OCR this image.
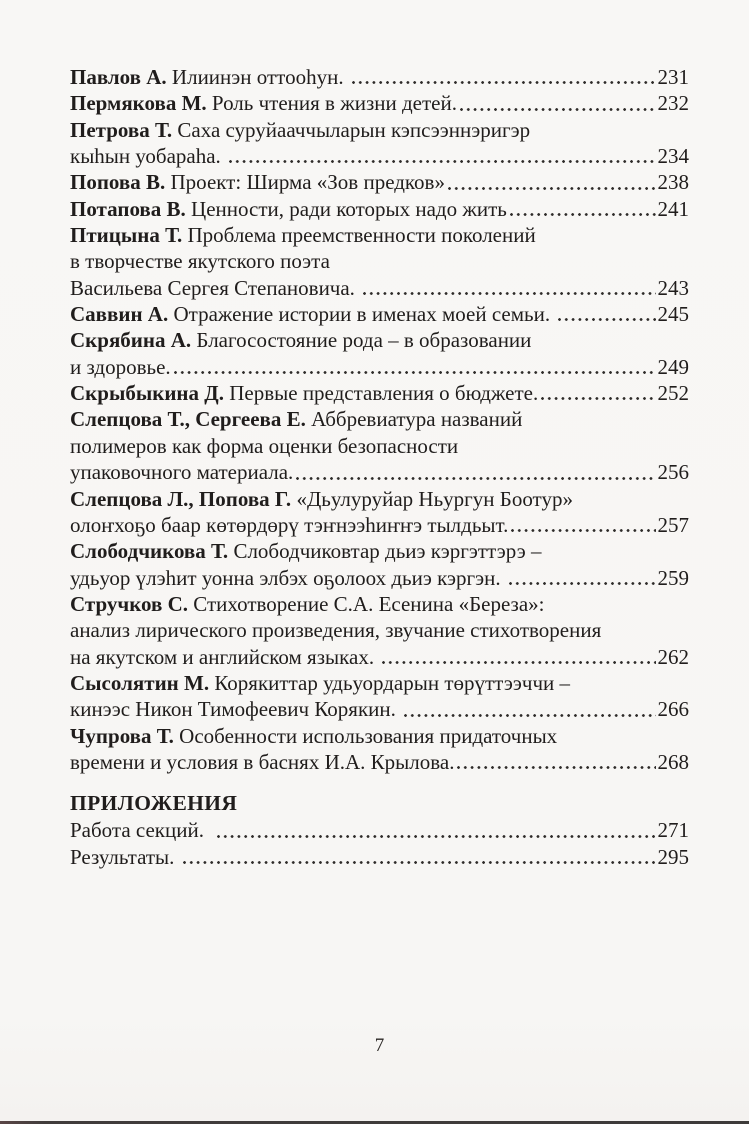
Павлов А. Илиинэн оттооһун.	231
Пермякова М. Роль чтения в жизни детей.	232
Петрова Т. Саха суруйааччыларын кэпсээннэригэр
кыһын уобараһа.	234
Попова В. Проект: Ширма «Зов предков»	238
Потапова В. Ценности, ради которых надо жить	241
Птицына Т. Проблема преемственности поколений
в творчестве якутского поэта
Васильева Сергея Степановича.	243
Саввин А. Отражение истории в именах моей семьи.	245
Скрябина А. Благосостояние рода – в образовании
и здоровье.	249
Скрыбыкина Д. Первые представления о бюджете.	252
Слепцова Т., Сергеева Е. Аббревиатура названий
полимеров как форма оценки безопасности
упаковочного материала.	256
Слепцова Л., Попова Г. «Дьулуруйар Ньургун Боотур»
олоҥхоҕо баар көтөрдөрү тэҥнээһиҥҥэ тылдьыт.	257
Слободчикова Т. Слободчиковтар дьиэ кэргэттэрэ –
удьуор үлэһит уонна элбэх оҕолоох дьиэ кэргэн.	259
Стручков С. Стихотворение С.А. Есенина «Береза»:
анализ лирического произведения, звучание стихотворения
на якутском и английском языках.	262
Сысолятин М. Корякиттар удьуордарын төрүттээччи –
кинээс Никон Тимофеевич Корякин.	266
Чупрова Т. Особенности использования придаточных
времени и условия в баснях И.А. Крылова.	268
ПРИЛОЖЕНИЯ
Работа секций.	271
Результаты.	295
7
